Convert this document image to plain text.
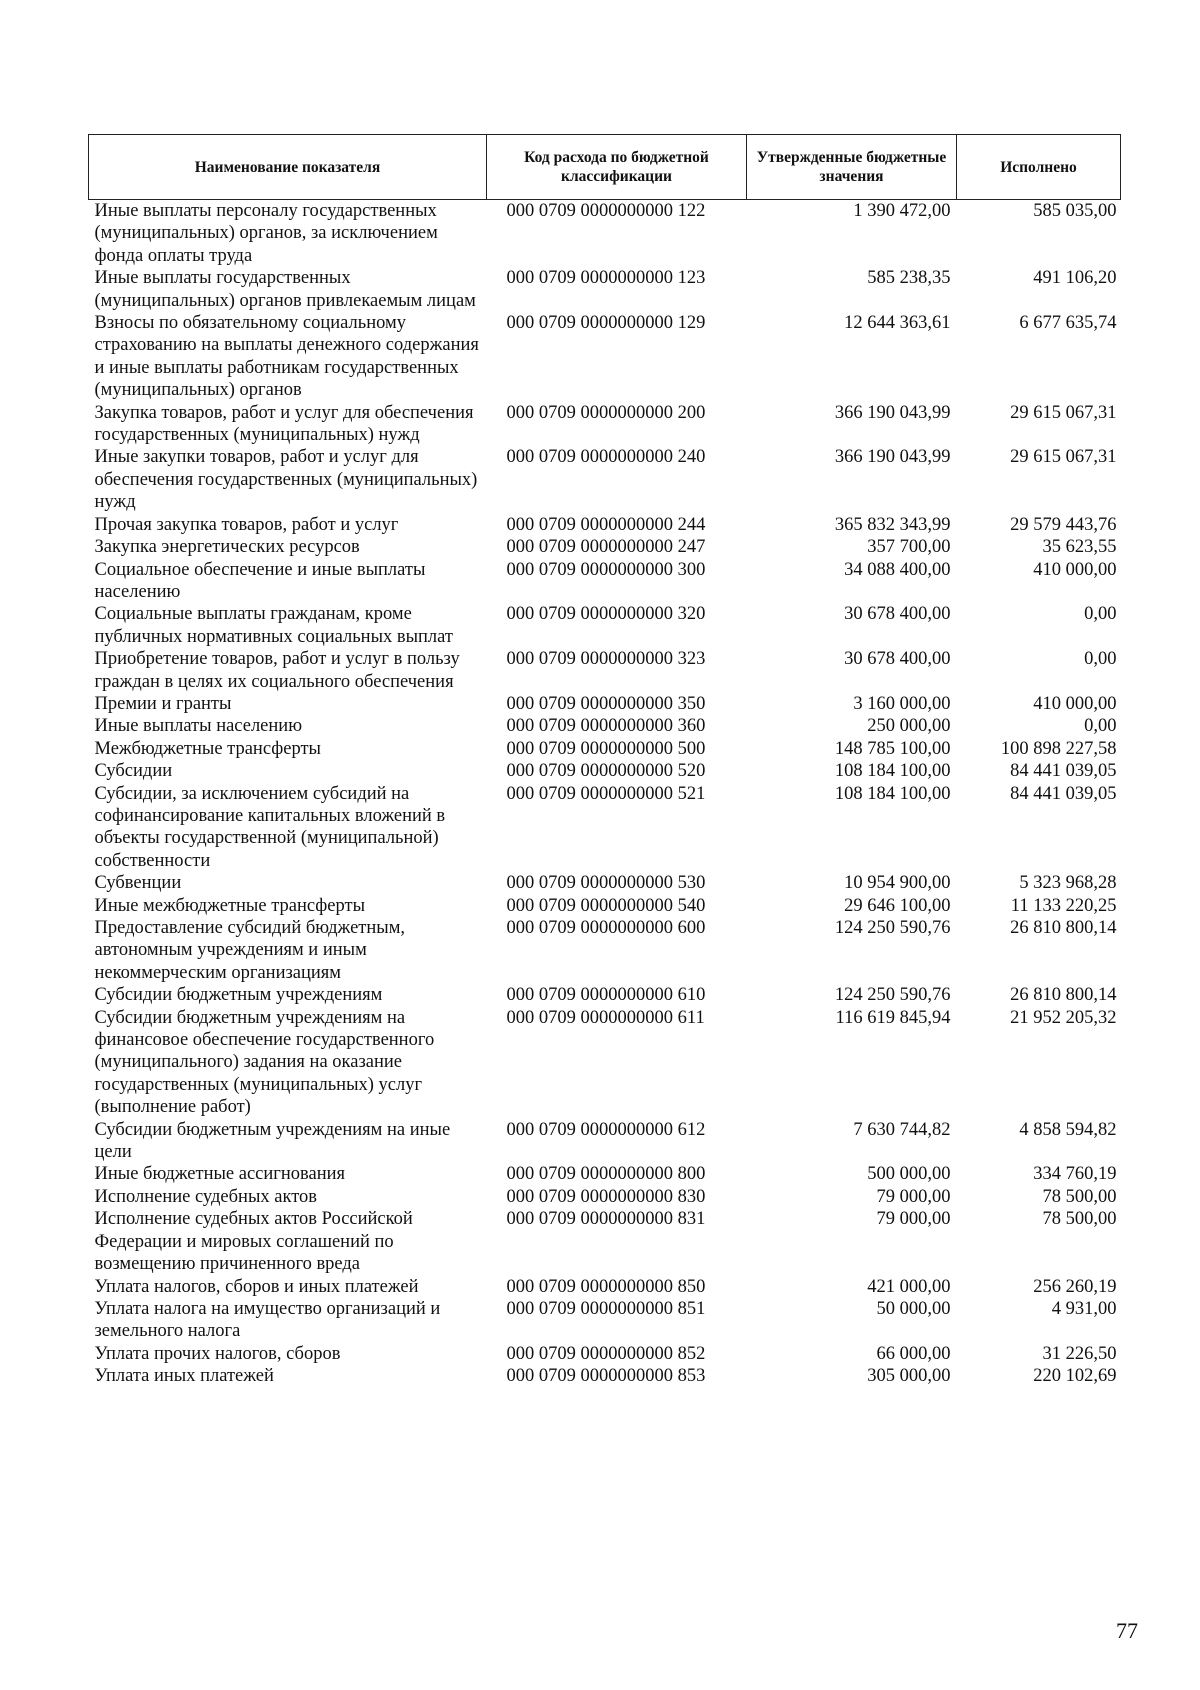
Наименование показателя	Код расхода по бюджетной классификации	Утвержденные бюджетные значения	Исполнено
Иные выплаты персоналу государственных (муниципальных) органов, за исключением фонда оплаты труда	000 0709 0000000000 122	1 390 472,00	585 035,00
Иные выплаты государственных (муниципальных) органов привлекаемым лицам	000 0709 0000000000 123	585 238,35	491 106,20
Взносы по обязательному социальному страхованию на выплаты денежного содержания и иные выплаты работникам государственных (муниципальных) органов	000 0709 0000000000 129	12 644 363,61	6 677 635,74
Закупка товаров, работ и услуг для обеспечения государственных (муниципальных) нужд	000 0709 0000000000 200	366 190 043,99	29 615 067,31
Иные закупки товаров, работ и услуг для обеспечения государственных (муниципальных) нужд	000 0709 0000000000 240	366 190 043,99	29 615 067,31
Прочая закупка товаров, работ и услуг	000 0709 0000000000 244	365 832 343,99	29 579 443,76
Закупка энергетических ресурсов	000 0709 0000000000 247	357 700,00	35 623,55
Социальное обеспечение и иные выплаты населению	000 0709 0000000000 300	34 088 400,00	410 000,00
Социальные выплаты гражданам, кроме публичных нормативных социальных выплат	000 0709 0000000000 320	30 678 400,00	0,00
Приобретение товаров, работ и услуг в пользу граждан в целях их социального обеспечения	000 0709 0000000000 323	30 678 400,00	0,00
Премии и гранты	000 0709 0000000000 350	3 160 000,00	410 000,00
Иные выплаты населению	000 0709 0000000000 360	250 000,00	0,00
Межбюджетные трансферты	000 0709 0000000000 500	148 785 100,00	100 898 227,58
Субсидии	000 0709 0000000000 520	108 184 100,00	84 441 039,05
Субсидии, за исключением субсидий на софинансирование капитальных вложений в объекты государственной (муниципальной) собственности	000 0709 0000000000 521	108 184 100,00	84 441 039,05
Субвенции	000 0709 0000000000 530	10 954 900,00	5 323 968,28
Иные межбюджетные трансферты	000 0709 0000000000 540	29 646 100,00	11 133 220,25
Предоставление субсидий бюджетным, автономным учреждениям и иным некоммерческим организациям	000 0709 0000000000 600	124 250 590,76	26 810 800,14
Субсидии бюджетным учреждениям	000 0709 0000000000 610	124 250 590,76	26 810 800,14
Субсидии бюджетным учреждениям на финансовое обеспечение государственного (муниципального) задания на оказание государственных (муниципальных) услуг (выполнение работ)	000 0709 0000000000 611	116 619 845,94	21 952 205,32
Субсидии бюджетным учреждениям на иные цели	000 0709 0000000000 612	7 630 744,82	4 858 594,82
Иные бюджетные ассигнования	000 0709 0000000000 800	500 000,00	334 760,19
Исполнение судебных актов	000 0709 0000000000 830	79 000,00	78 500,00
Исполнение судебных актов Российской Федерации и мировых соглашений по возмещению причиненного вреда	000 0709 0000000000 831	79 000,00	78 500,00
Уплата налогов, сборов и иных платежей	000 0709 0000000000 850	421 000,00	256 260,19
Уплата налога на имущество организаций и земельного налога	000 0709 0000000000 851	50 000,00	4 931,00
Уплата прочих налогов, сборов	000 0709 0000000000 852	66 000,00	31 226,50
Уплата иных платежей	000 0709 0000000000 853	305 000,00	220 102,69
77
